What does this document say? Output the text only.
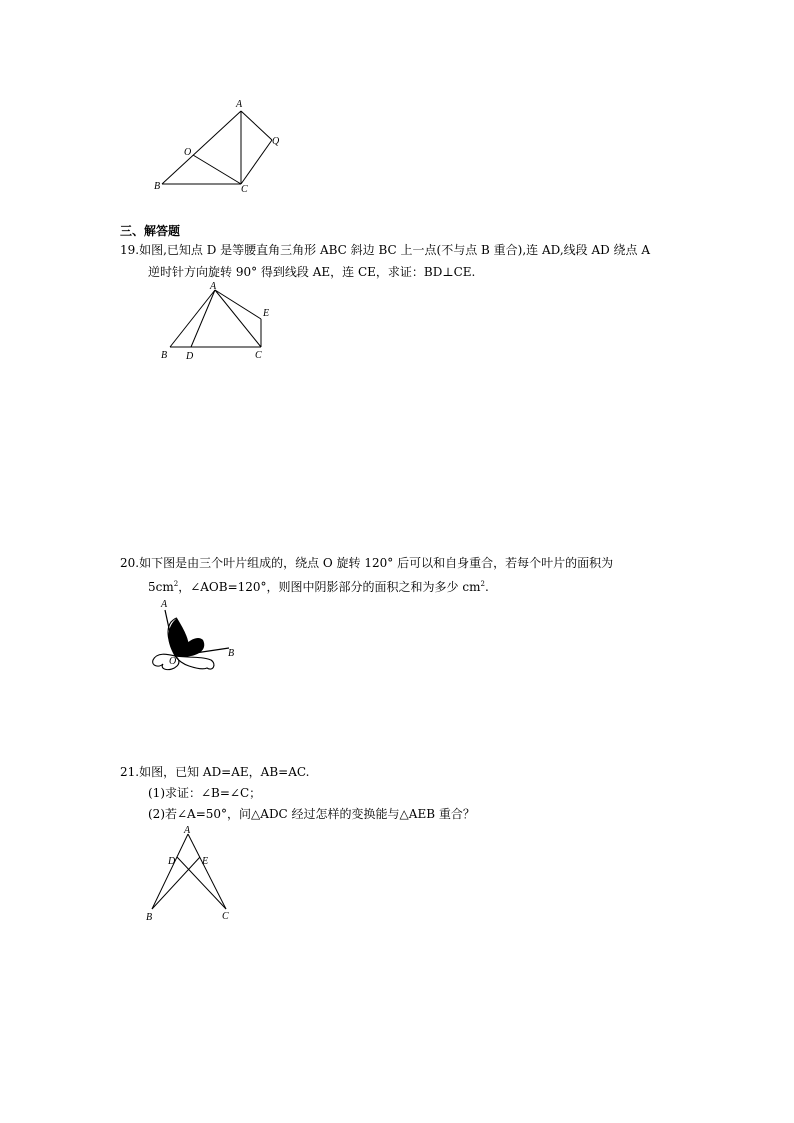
A
O
Q
B	C
三、解答题
19.如图,已知点 D 是等腰直角三角形 ABC 斜边 BC 上一点(不与点 B 重合),连 AD,线段 AD 绕点 A
逆时针方向旋转 90° 得到线段 AE，连 CE，求证：BD⊥CE.
A
E
B D	C
20.如下图是由三个叶片组成的，绕点 O 旋转 120° 后可以和自身重合，若每个叶片的面积为
$5cm^2$，∠AOB=120°，则图中阴影部分的面积之和为多少 $cm^2$.
A
O
B
21.如图，已知 AD=AE，AB=AC.
(1)求证：∠B=∠C；
(2)若∠A=50°，问△ADC 经过怎样的变换能与△AEB 重合？
A
D	E
B	C
